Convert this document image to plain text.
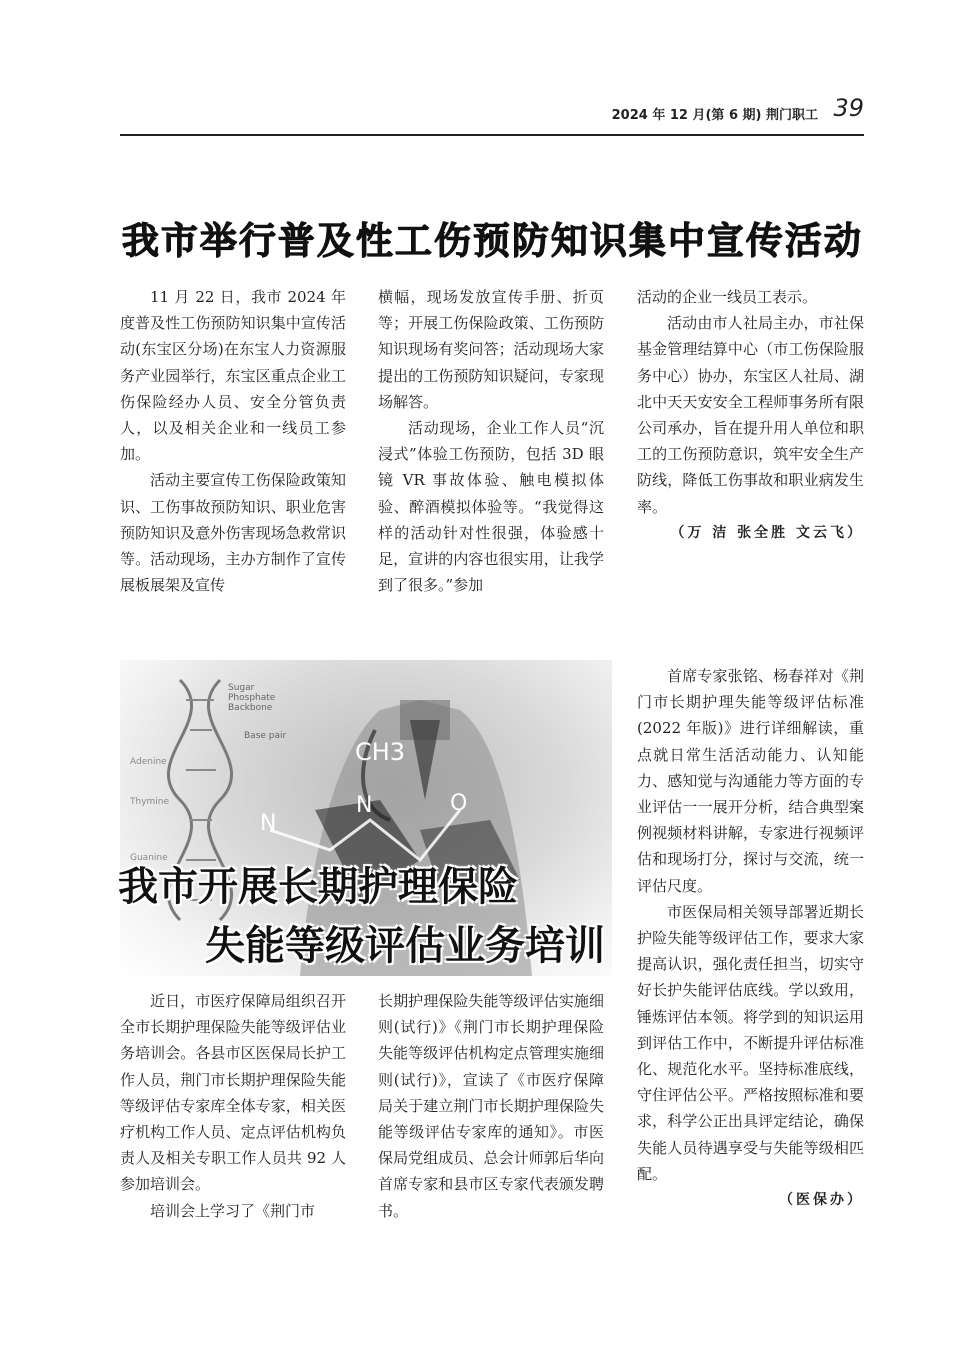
2024 年 12 月(第 6 期) 荆门职工 39
我市举行普及性工伤预防知识集中宣传活动

11 月 22 日，我市 2024 年度普及性工伤预防知识集中宣传活动(东宝区分场)在东宝人力资源服务产业园举行，东宝区重点企业工伤保险经办人员、安全分管负责人，以及相关企业和一线员工参加。

活动主要宣传工伤保险政策知识、工伤事故预防知识、职业危害预防知识及意外伤害现场急救常识等。活动现场，主办方制作了宣传展板展架及宣传

横幅，现场发放宣传手册、折页等；开展工伤保险政策、工伤预防知识现场有奖问答；活动现场大家提出的工伤预防知识疑问，专家现场解答。

活动现场，企业工作人员“沉浸式”体验工伤预防，包括 3D 眼镜 VR 事故体验、触电模拟体验、醉酒模拟体验等。“我觉得这样的活动针对性很强，体验感十足，宣讲的内容也很实用，让我学到了很多。”参加

活动的企业一线员工表示。

活动由市人社局主办，市社保基金管理结算中心（市工伤保险服务中心）协办，东宝区人社局、湖北中天天安安全工程师事务所有限公司承办，旨在提升用人单位和职工的工伤预防意识，筑牢安全生产防线，降低工伤事故和职业病发生率。

（万 洁 张全胜 文云飞）
Sugar
Phosphate
Backbone
Base pair
Adenine
Thymine
Guanine
CH3
N
N	O
我市开展长期护理保险
失能等级评估业务培训

近日，市医疗保障局组织召开全市长期护理保险失能等级评估业务培训会。各县市区医保局长护工作人员，荆门市长期护理保险失能等级评估专家库全体专家，相关医疗机构工作人员、定点评估机构负责人及相关专职工作人员共 92 人参加培训会。

培训会上学习了《荆门市

长期护理保险失能等级评估实施细则(试行)》《荆门市长期护理保险失能等级评估机构定点管理实施细则(试行)》，宣读了《市医疗保障局关于建立荆门市长期护理保险失能等级评估专家库的通知》。市医保局党组成员、总会计师郭后华向首席专家和县市区专家代表颁发聘书。

首席专家张铭、杨春祥对《荆门市长期护理失能等级评估标准(2022 年版)》进行详细解读，重点就日常生活活动能力、认知能力、感知觉与沟通能力等方面的专业评估一一展开分析，结合典型案例视频材料讲解，专家进行视频评估和现场打分，探讨与交流，统一评估尺度。

市医保局相关领导部署近期长护险失能等级评估工作，要求大家提高认识，强化责任担当，切实守好长护失能评估底线。学以致用，锤炼评估本领。将学到的知识运用到评估工作中，不断提升评估标准化、规范化水平。坚持标准底线，守住评估公平。严格按照标准和要求，科学公正出具评定结论，确保失能人员待遇享受与失能等级相匹配。

（医保办）
